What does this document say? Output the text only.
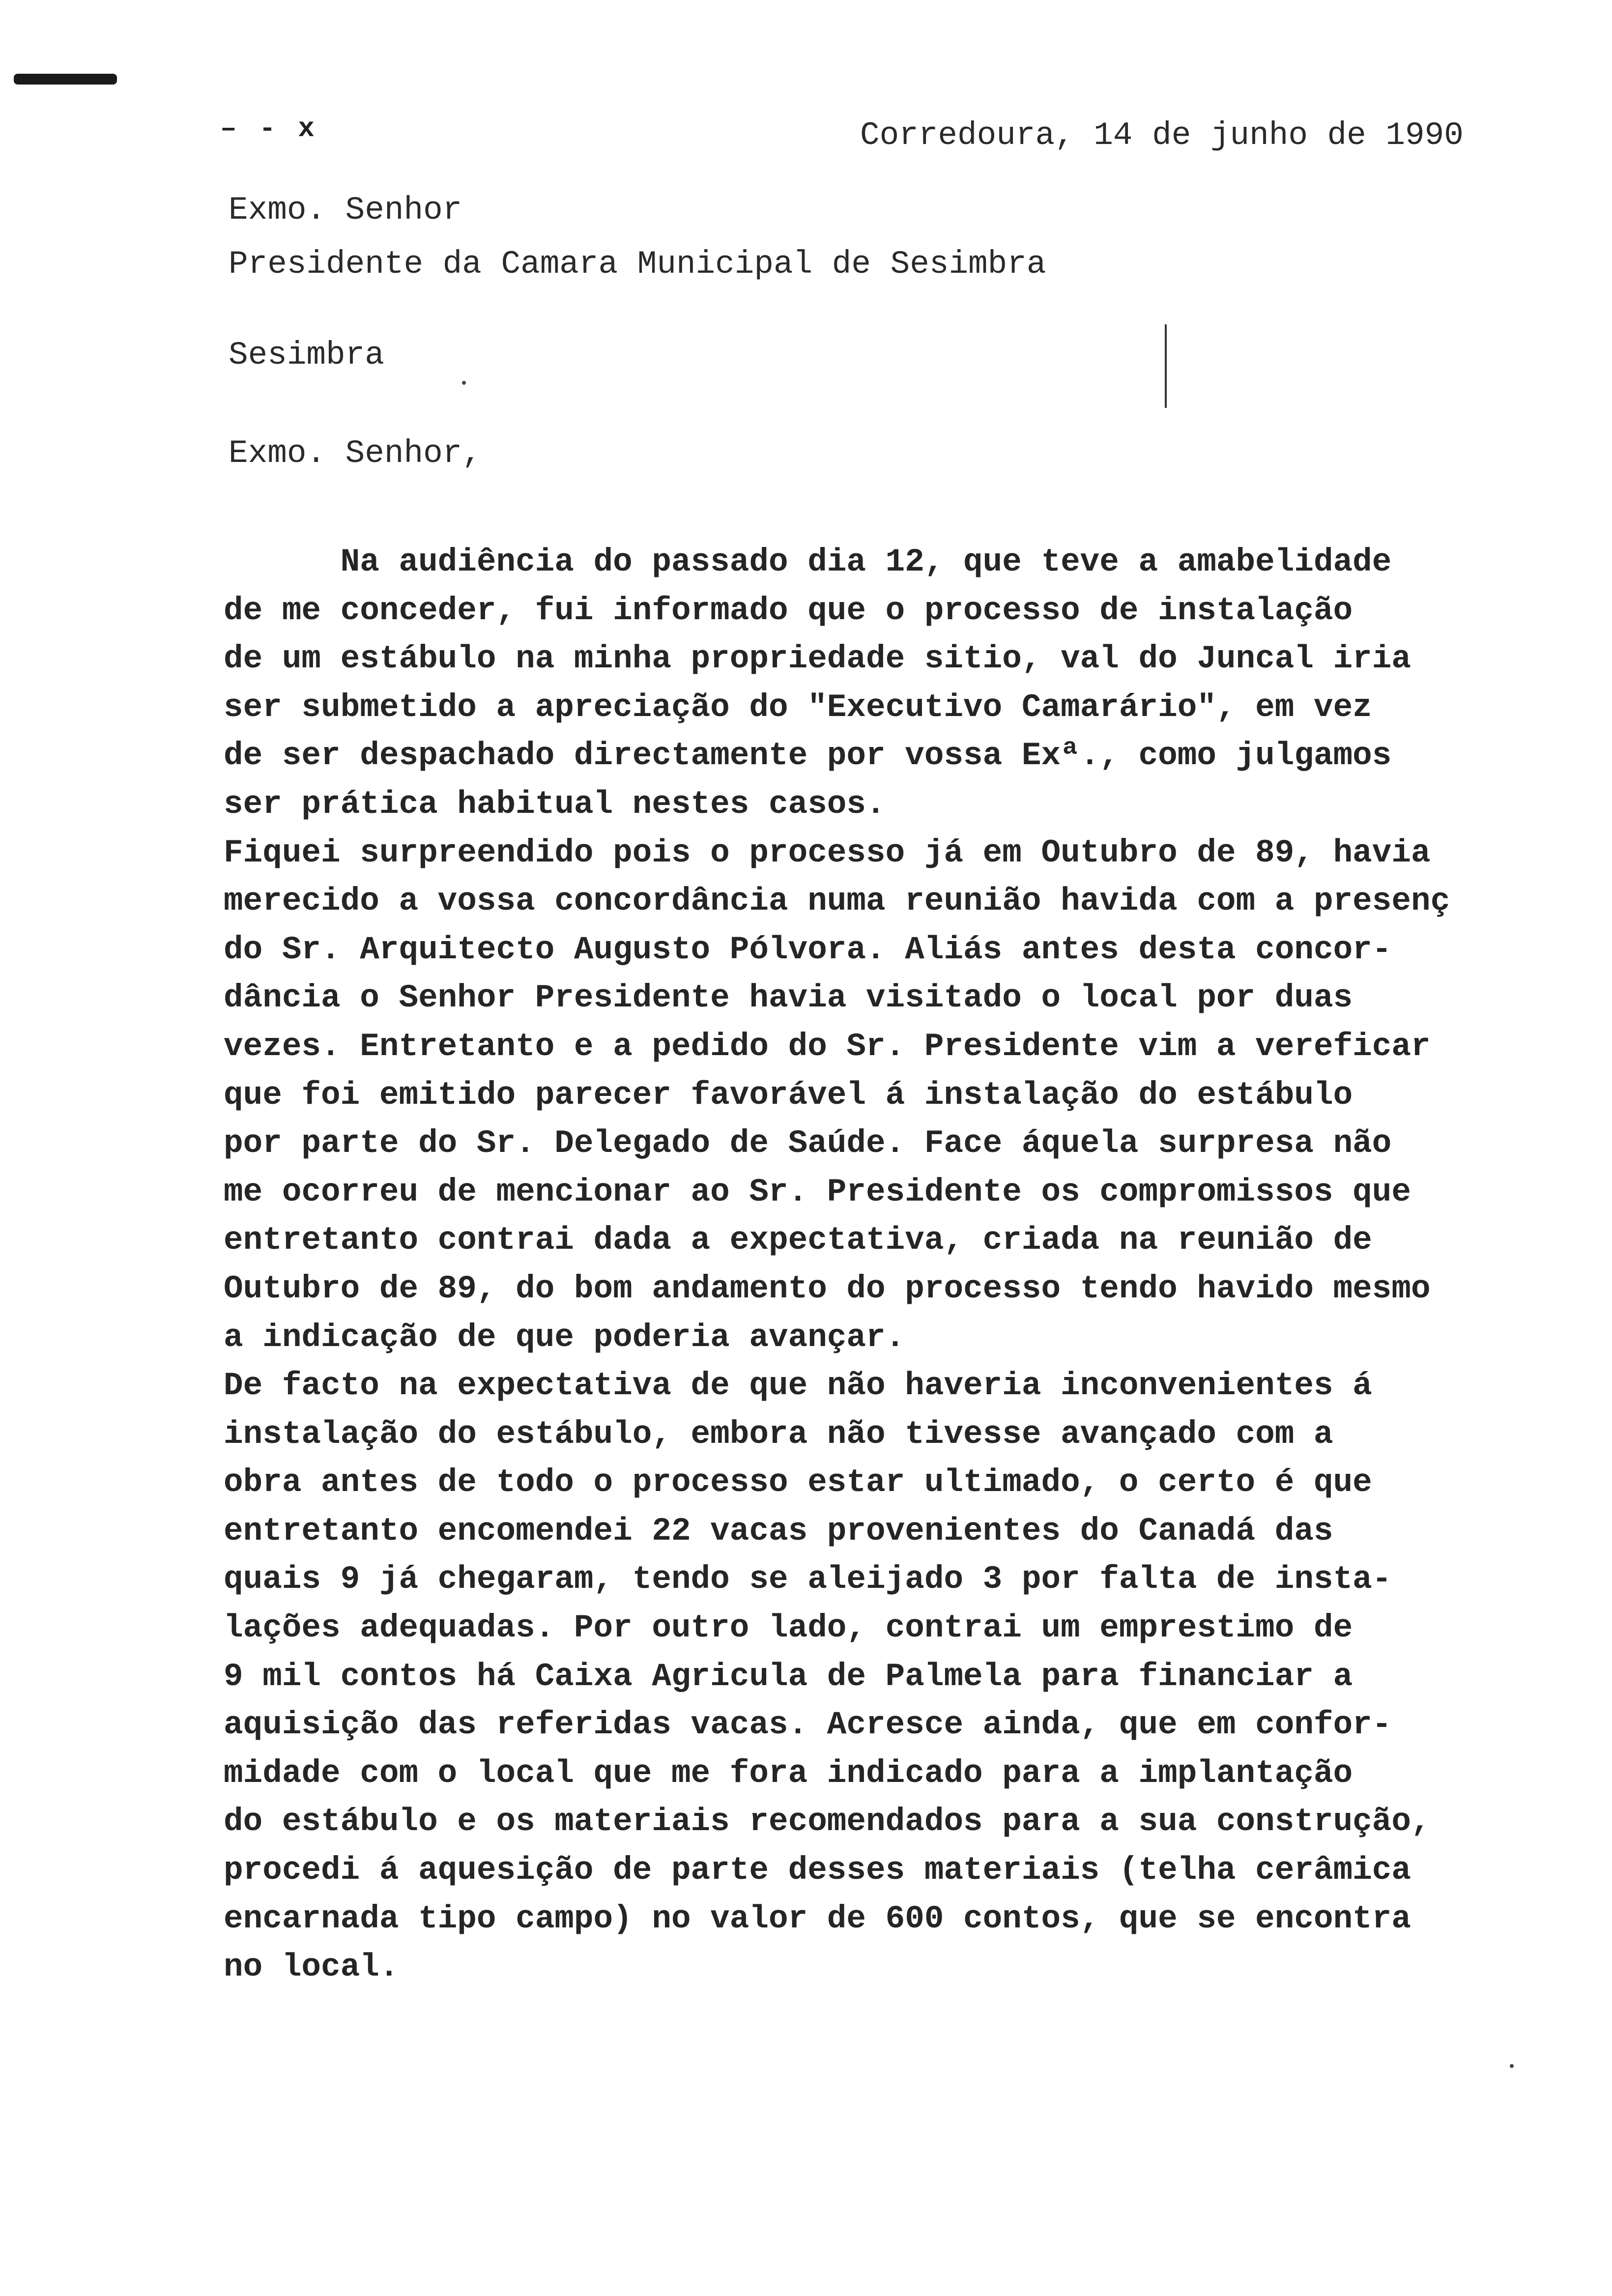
– - x	Corredoura, 14 de junho de 1990
Exmo. Senhor
Presidente da Camara Municipal de Sesimbra
Sesimbra
Exmo. Senhor,
Na audiência do passado dia 12, que teve a amabelidade
de me conceder, fui informado que o processo de instalação
de um estábulo na minha propriedade sitio, val do Juncal iria
ser submetido a apreciação do "Executivo Camarário", em vez
de ser despachado directamente por vossa Exª., como julgamos
ser prática habitual nestes casos.
Fiquei surpreendido pois o processo já em Outubro de 89, havia
merecido a vossa concordância numa reunião havida com a presenç
do Sr. Arquitecto Augusto Pólvora. Aliás antes desta concor-
dância o Senhor Presidente havia visitado o local por duas
vezes. Entretanto e a pedido do Sr. Presidente vim a vereficar
que foi emitido parecer favorável á instalação do estábulo
por parte do Sr. Delegado de Saúde. Face áquela surpresa não
me ocorreu de mencionar ao Sr. Presidente os compromissos que
entretanto contrai dada a expectativa, criada na reunião de
Outubro de 89, do bom andamento do processo tendo havido mesmo
a indicação de que poderia avançar.
De facto na expectativa de que não haveria inconvenientes á
instalação do estábulo, embora não tivesse avançado com a
obra antes de todo o processo estar ultimado, o certo é que
entretanto encomendei 22 vacas provenientes do Canadá das
quais 9 já chegaram, tendo se aleijado 3 por falta de insta-
lações adequadas. Por outro lado, contrai um emprestimo de
9 mil contos há Caixa Agricula de Palmela para financiar a
aquisição das referidas vacas. Acresce ainda, que em confor-
midade com o local que me fora indicado para a implantação
do estábulo e os materiais recomendados para a sua construção,
procedi á aquesição de parte desses materiais (telha cerâmica
encarnada tipo campo) no valor de 600 contos, que se encontra
no local.
